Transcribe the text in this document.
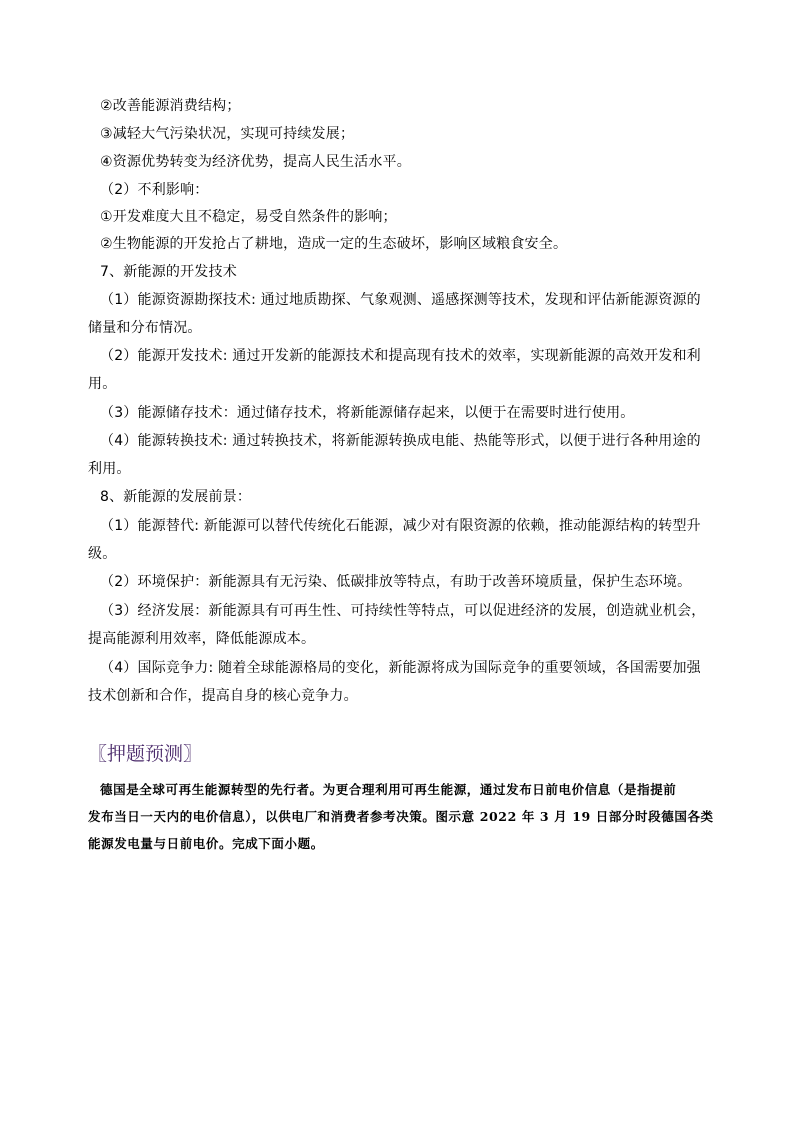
②改善能源消费结构；
③减轻大气污染状况，实现可持续发展；
④资源优势转变为经济优势，提高人民生活水平。
（2）不利影响：
①开发难度大且不稳定，易受自然条件的影响；
②生物能源的开发抢占了耕地，造成一定的生态破坏，影响区域粮食安全。
7、新能源的开发技术
（1）能源资源勘探技术: 通过地质勘探、气象观测、遥感探测等技术，发现和评估新能源资源的
储量和分布情况。
（2）能源开发技术: 通过开发新的能源技术和提高现有技术的效率，实现新能源的高效开发和利
用。
（3）能源储存技术：通过储存技术，将新能源储存起来，以便于在需要时进行使用。
（4）能源转换技术: 通过转换技术，将新能源转换成电能、热能等形式，以便于进行各种用途的
利用。
8、新能源的发展前景：
（1）能源替代: 新能源可以替代传统化石能源，减少对有限资源的依赖，推动能源结构的转型升
级。
（2）环境保护：新能源具有无污染、低碳排放等特点，有助于改善环境质量，保护生态环境。
（3）经济发展：新能源具有可再生性、可持续性等特点，可以促进经济的发展，创造就业机会，
提高能源利用效率，降低能源成本。
（4）国际竞争力: 随着全球能源格局的变化，新能源将成为国际竞争的重要领域，各国需要加强
技术创新和合作，提高自身的核心竞争力。
〖押题预测〗
德国是全球可再生能源转型的先行者。为更合理利用可再生能源，通过发布日前电价信息（是指提前
发布当日一天内的电价信息），以供电厂和消费者参考决策。图示意 2022 年 3 月 19 日部分时段德国各类
能源发电量与日前电价。完成下面小题。
